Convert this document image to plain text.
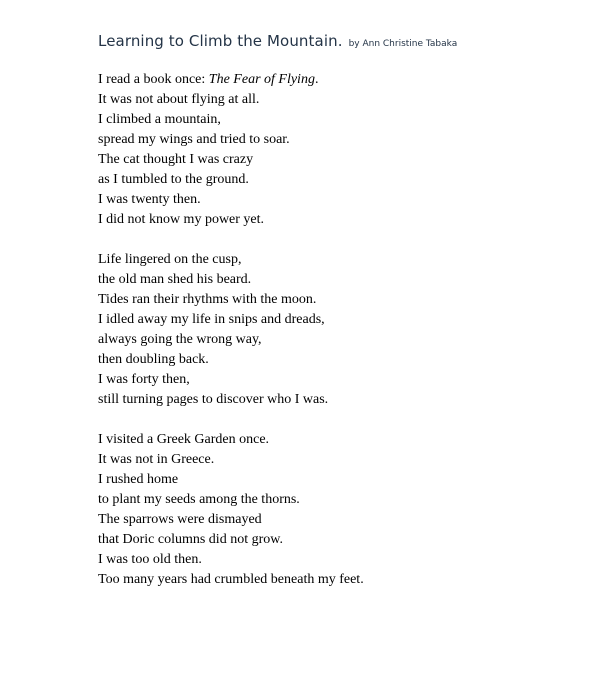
Learning to Climb the Mountain. by Ann Christine Tabaka
I read a book once: The Fear of Flying.
It was not about flying at all.
I climbed a mountain,
spread my wings and tried to soar.
The cat thought I was crazy
as I tumbled to the ground.
I was twenty then.
I did not know my power yet.
Life lingered on the cusp,
the old man shed his beard.
Tides ran their rhythms with the moon.
I idled away my life in snips and dreads,
always going the wrong way,
then doubling back.
I was forty then,
still turning pages to discover who I was.
I visited a Greek Garden once.
It was not in Greece.
I rushed home
to plant my seeds among the thorns.
The sparrows were dismayed
that Doric columns did not grow.
I was too old then.
Too many years had crumbled beneath my feet.
